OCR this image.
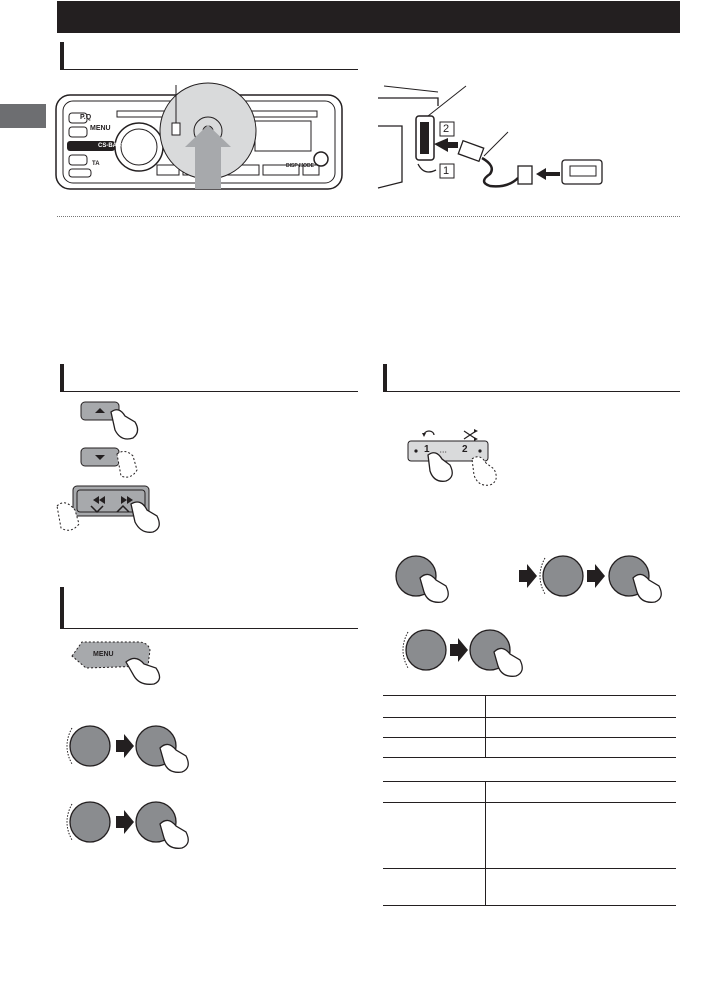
P.Q
MENU
CS-BASS
TA	DISP MODE
2
1
MENU
• • •
1	2
